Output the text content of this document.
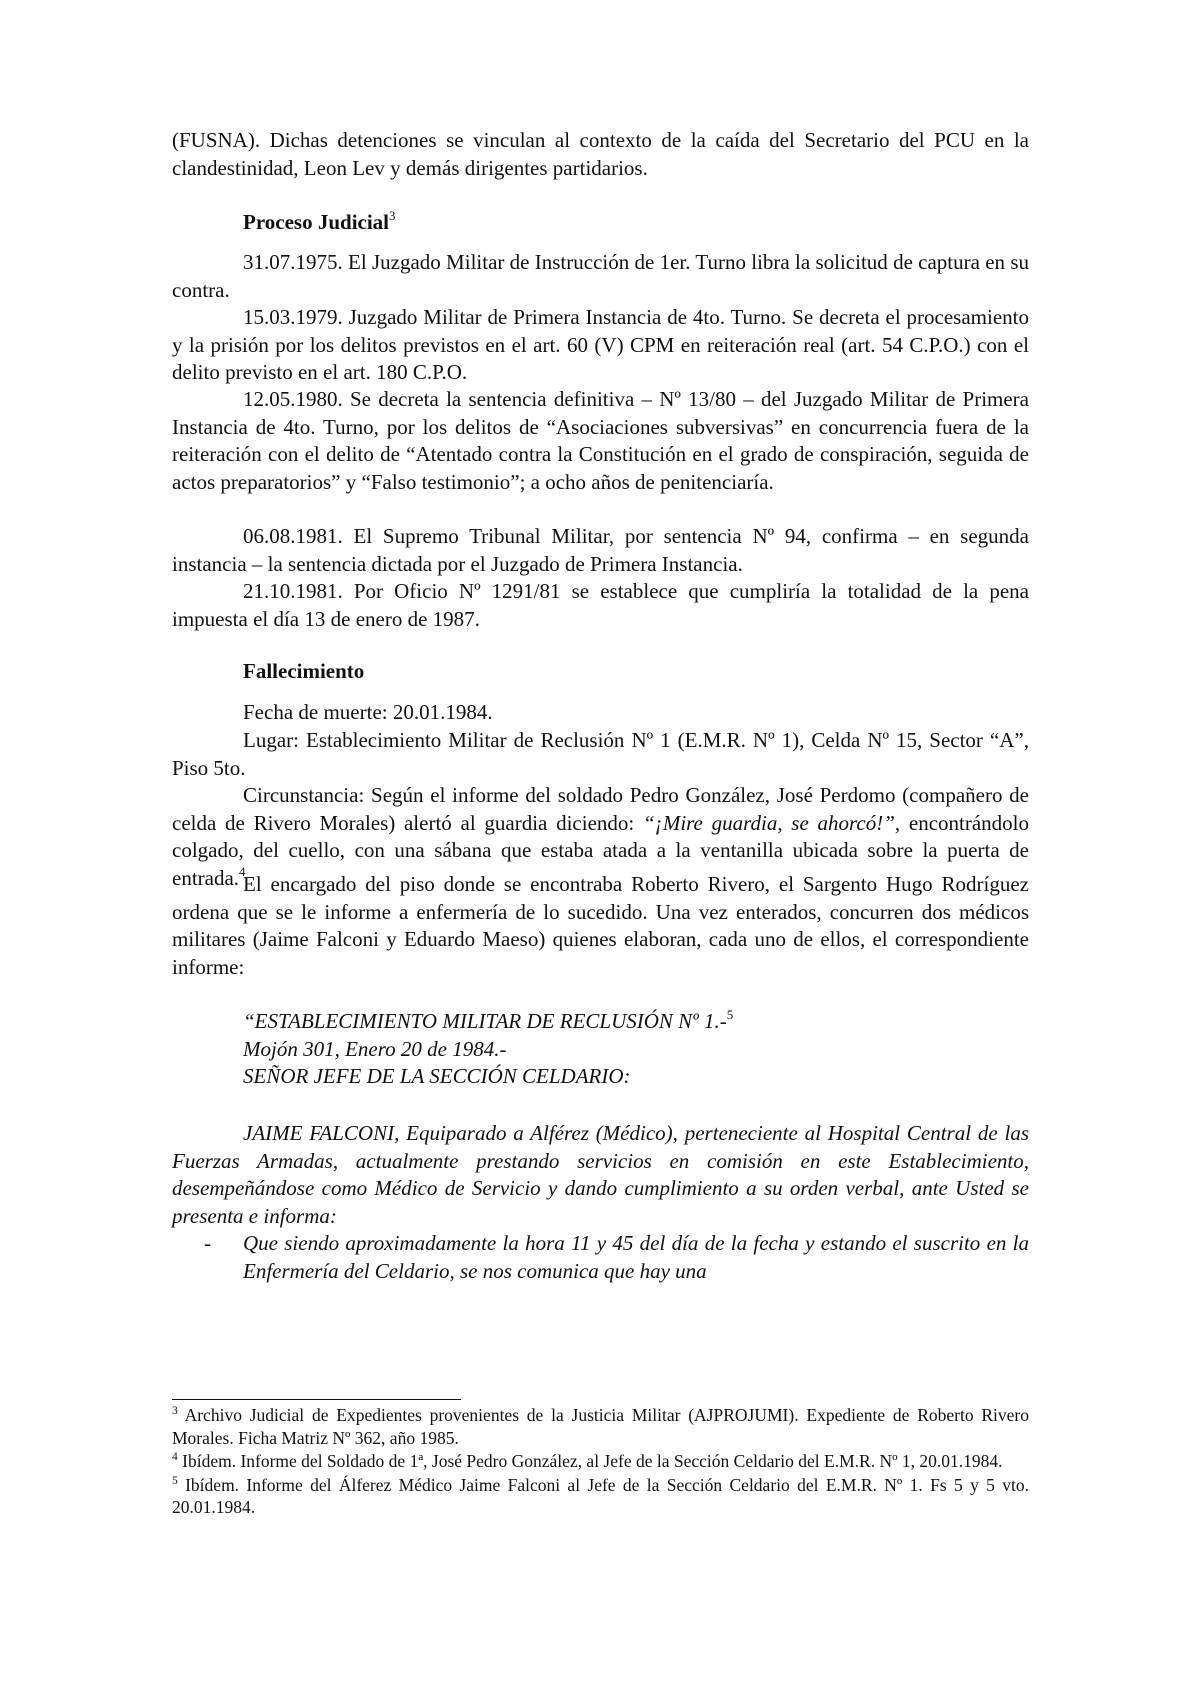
(FUSNA). Dichas detenciones se vinculan al contexto de la caída del Secretario del PCU en la clandestinidad, Leon Lev y demás dirigentes partidarios.

Proceso Judicial$^3$

31.07.1975. El Juzgado Militar de Instrucción de 1er. Turno libra la solicitud de captura en su contra.

15.03.1979. Juzgado Militar de Primera Instancia de 4to. Turno. Se decreta el procesamiento y la prisión por los delitos previstos en el art. 60 (V) CPM en reiteración real (art. 54 C.P.O.) con el delito previsto en el art. 180 C.P.O.

12.05.1980. Se decreta la sentencia definitiva – Nº 13/80 – del Juzgado Militar de Primera Instancia de 4to. Turno, por los delitos de “Asociaciones subversivas” en concurrencia fuera de la reiteración con el delito de “Atentado contra la Constitución en el grado de conspiración, seguida de actos preparatorios” y “Falso testimonio”; a ocho años de penitenciaría.

06.08.1981. El Supremo Tribunal Militar, por sentencia Nº 94, confirma – en segunda instancia – la sentencia dictada por el Juzgado de Primera Instancia.

21.10.1981. Por Oficio Nº 1291/81 se establece que cumpliría la totalidad de la pena impuesta el día 13 de enero de 1987.

Fallecimiento

Fecha de muerte: 20.01.1984.

Lugar: Establecimiento Militar de Reclusión Nº 1 (E.M.R. Nº 1), Celda Nº 15, Sector “A”, Piso 5to.

Circunstancia: Según el informe del soldado Pedro González, José Perdomo (compañero de celda de Rivero Morales) alertó al guardia diciendo: “¡Mire guardia, se ahorcó!”, encontrándolo colgado, del cuello, con una sábana que estaba atada a la ventanilla ubicada sobre la puerta de entrada.$^4$

El encargado del piso donde se encontraba Roberto Rivero, el Sargento Hugo Rodríguez ordena que se le informe a enfermería de lo sucedido. Una vez enterados, concurren dos médicos militares (Jaime Falconi y Eduardo Maeso) quienes elaboran, cada uno de ellos, el correspondiente informe:

“ESTABLECIMIENTO MILITAR DE RECLUSIÓN Nº 1.-$^5$

Mojón 301, Enero 20 de 1984.-

SEÑOR JEFE DE LA SECCIÓN CELDARIO:

JAIME FALCONI, Equiparado a Alférez (Médico), perteneciente al Hospital Central de las Fuerzas Armadas, actualmente prestando servicios en comisión en este Establecimiento, desempeñándose como Médico de Servicio y dando cumplimiento a su orden verbal, ante Usted se presenta e informa:

- Que siendo aproximadamente la hora 11 y 45 del día de la fecha y estando el suscrito en la Enfermería del Celdario, se nos comunica que hay una

$^3$ Archivo Judicial de Expedientes provenientes de la Justicia Militar (AJPROJUMI). Expediente de Roberto Rivero Morales. Ficha Matriz Nº 362, año 1985.

$^4$ Ibídem. Informe del Soldado de 1ª, José Pedro González, al Jefe de la Sección Celdario del E.M.R. Nº 1, 20.01.1984.

$^5$ Ibídem. Informe del Álferez Médico Jaime Falconi al Jefe de la Sección Celdario del E.M.R. Nº 1. Fs 5 y 5 vto. 20.01.1984.
